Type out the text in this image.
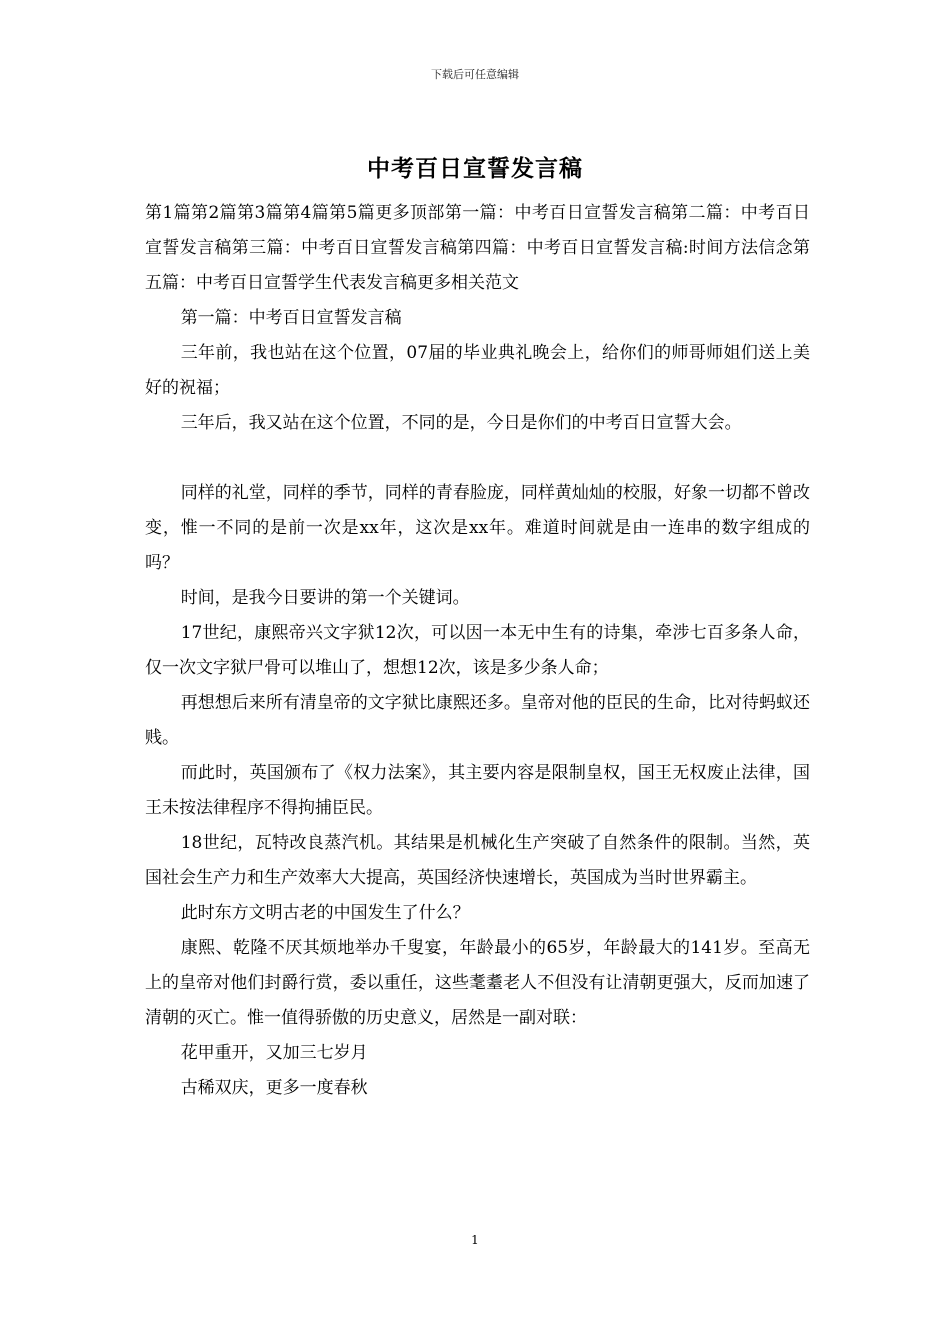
下载后可任意编辑
中考百日宣誓发言稿

第1篇第2篇第3篇第4篇第5篇更多顶部第一篇：中考百日宣誓发言稿第二篇：中考百日宣誓发言稿第三篇：中考百日宣誓发言稿第四篇：中考百日宣誓发言稿:时间方法信念第五篇：中考百日宣誓学生代表发言稿更多相关范文

第一篇：中考百日宣誓发言稿

三年前，我也站在这个位置，07届的毕业典礼晚会上，给你们的师哥师姐们送上美好的祝福；

三年后，我又站在这个位置，不同的是，今日是你们的中考百日宣誓大会。

同样的礼堂，同样的季节，同样的青春脸庞，同样黄灿灿的校服，好象一切都不曾改变，惟一不同的是前一次是xx年，这次是xx年。难道时间就是由一连串的数字组成的吗？

时间，是我今日要讲的第一个关键词。

17世纪，康熙帝兴文字狱12次，可以因一本无中生有的诗集，牵涉七百多条人命，仅一次文字狱尸骨可以堆山了，想想12次，该是多少条人命；

再想想后来所有清皇帝的文字狱比康熙还多。皇帝对他的臣民的生命，比对待蚂蚁还贱。

而此时，英国颁布了《权力法案》，其主要内容是限制皇权，国王无权废止法律，国王未按法律程序不得拘捕臣民。

18世纪，瓦特改良蒸汽机。其结果是机械化生产突破了自然条件的限制。当然，英国社会生产力和生产效率大大提高，英国经济快速增长，英国成为当时世界霸主。

此时东方文明古老的中国发生了什么？

康熙、乾隆不厌其烦地举办千叟宴，年龄最小的65岁，年龄最大的141岁。至高无上的皇帝对他们封爵行赏，委以重任，这些耄耋老人不但没有让清朝更强大，反而加速了清朝的灭亡。惟一值得骄傲的历史意义，居然是一副对联：

花甲重开，又加三七岁月

古稀双庆，更多一度春秋

1
